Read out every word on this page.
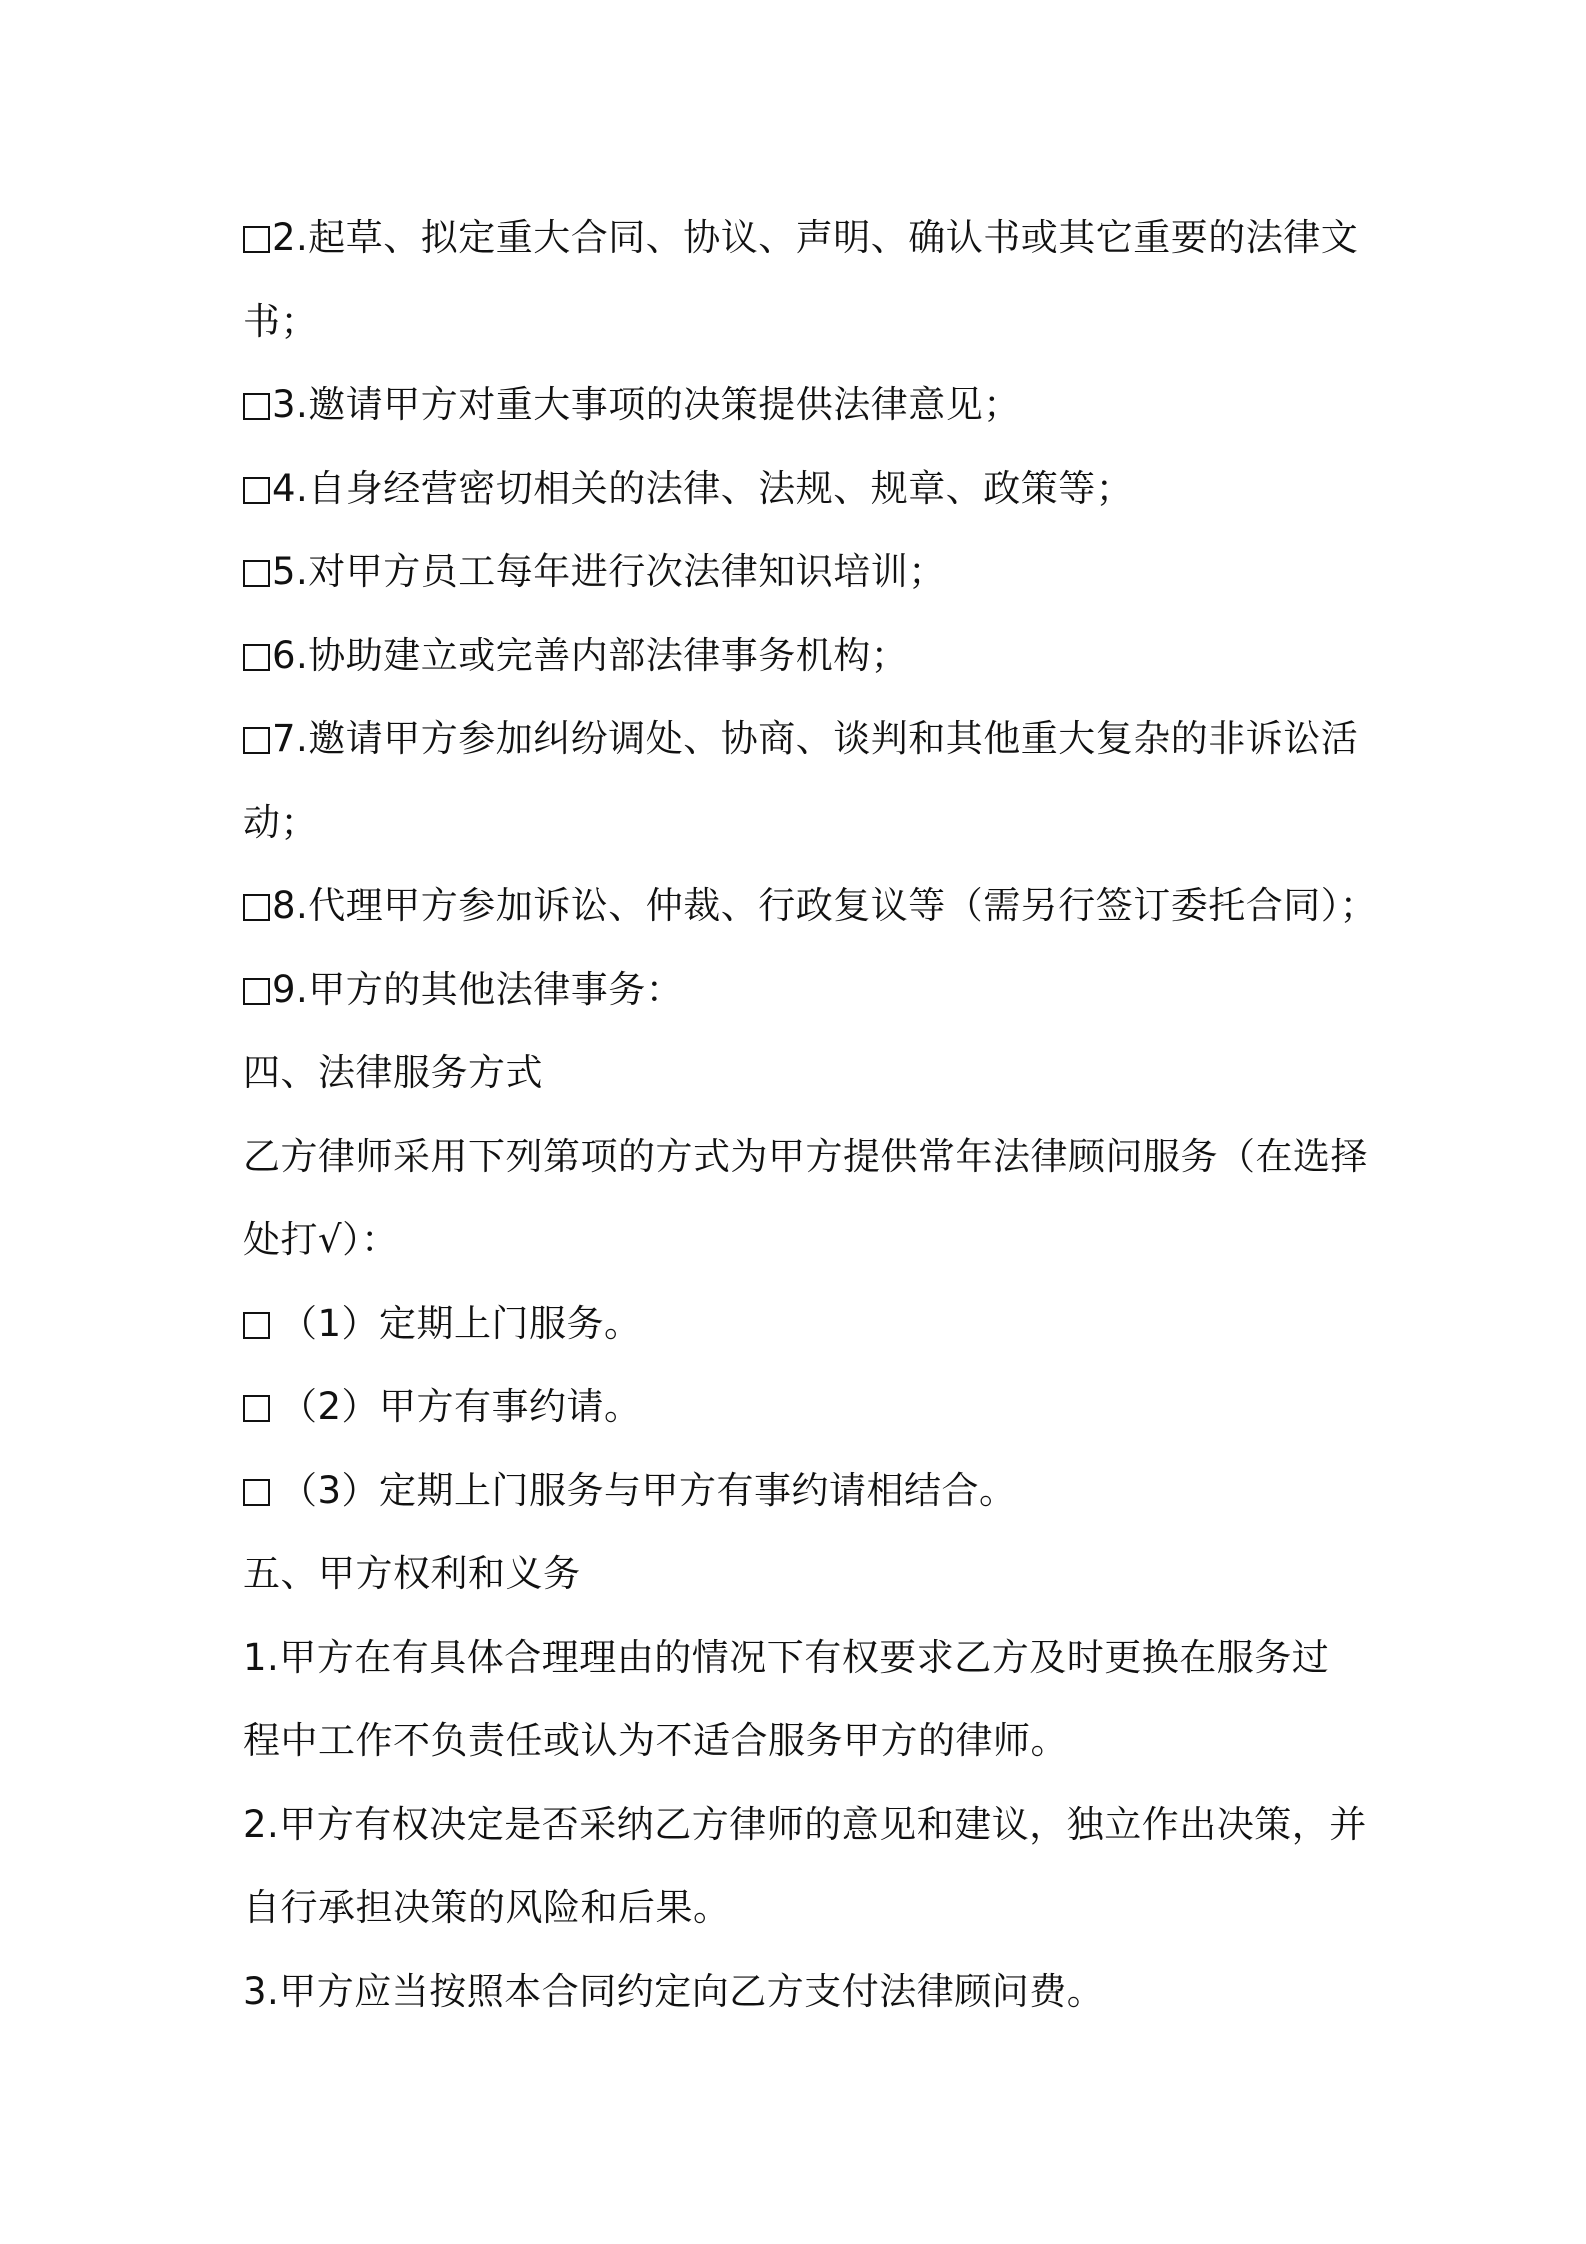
2.起草、拟定重大合同、协议、声明、确认书或其它重要的法律文
书；
3.邀请甲方对重大事项的决策提供法律意见；
4.自身经营密切相关的法律、法规、规章、政策等；
5.对甲方员工每年进行次法律知识培训；
6.协助建立或完善内部法律事务机构；
7.邀请甲方参加纠纷调处、协商、谈判和其他重大复杂的非诉讼活
动；
8.代理甲方参加诉讼、仲裁、行政复议等（需另行签订委托合同）；
9.甲方的其他法律事务：
四、法律服务方式
乙方律师采用下列第项的方式为甲方提供常年法律顾问服务（在选择
处打√）：
（1）定期上门服务。
（2）甲方有事约请。
（3）定期上门服务与甲方有事约请相结合。
五、甲方权利和义务
1.甲方在有具体合理理由的情况下有权要求乙方及时更换在服务过
程中工作不负责任或认为不适合服务甲方的律师。
2.甲方有权决定是否采纳乙方律师的意见和建议，独立作出决策，并
自行承担决策的风险和后果。
3.甲方应当按照本合同约定向乙方支付法律顾问费。
